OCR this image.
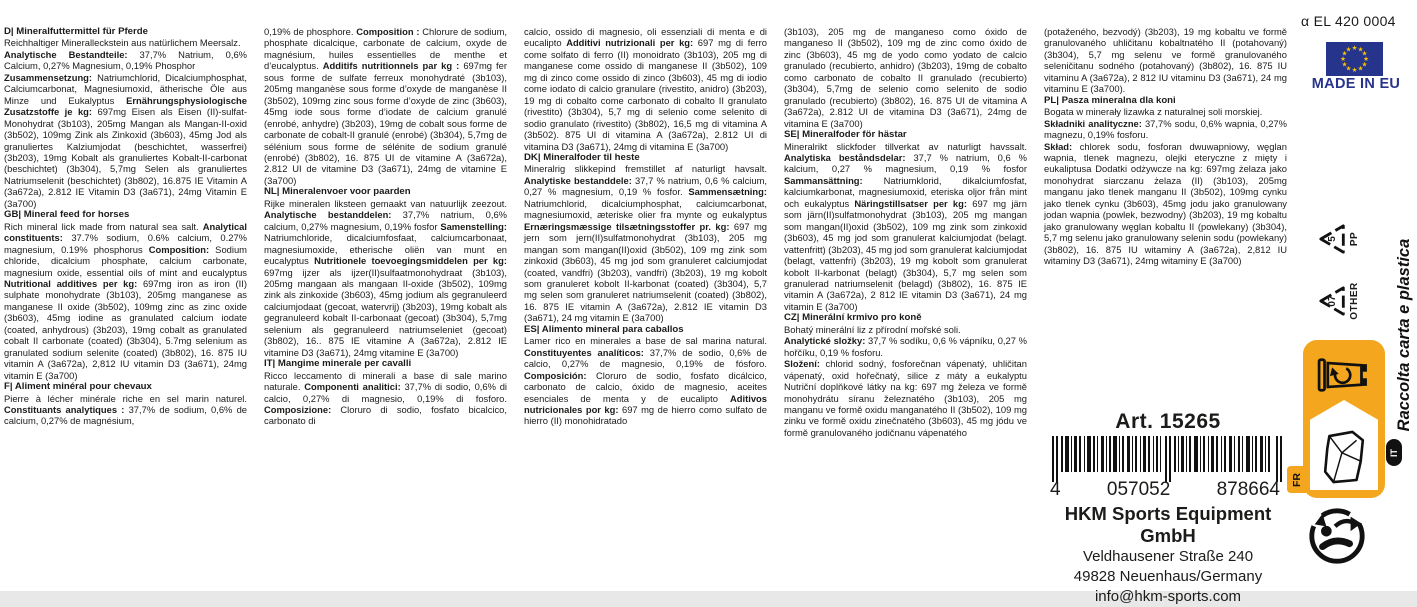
D| Mineralfuttermittel für Pferde

Reichhaltiger Mineralleckstein aus natürlichem Meersalz.

Analytische Bestandteile: 37,7% Natrium, 0,6% Calcium, 0,27% Magnesium, 0,19% Phosphor

Zusammensetzung: Natriumchlorid, Dicalciumphosphat, Calciumcarbonat, Magnesiumoxid, ätherische Öle aus Minze und Eukalyptus Ernährungsphysiologische Zusatzstoffe je kg: 697mg Eisen als Eisen (II)-sulfat-Monohydrat (3b103), 205mg Mangan als Mangan-II-oxid (3b502), 109mg Zink als Zinkoxid (3b603), 45mg Jod als granuliertes Kalziumjodat (beschichtet, wasserfrei) (3b203), 19mg Kobalt als granuliertes Kobalt-II-carbonat (beschichtet) (3b304), 5,7mg Selen als granuliertes Natriumselenit (beschichtet) (3b802), 16.875 IE Vitamin A (3a672a), 2.812 IE Vitamin D3 (3a671), 24mg Vitamin E (3a700)

GB| Mineral feed for horses

Rich mineral lick made from natural sea salt. Analytical constituents: 37.7% sodium, 0.6% calcium, 0.27% magnesium, 0.19% phosphorus Composition: Sodium chloride, dicalcium phosphate, calcium carbonate, magnesium oxide, essential oils of mint and eucalyptus Nutritional additives per kg: 697mg iron as iron (II) sulphate monohydrate (3b103), 205mg manganese as manganese II oxide (3b502), 109mg zinc as zinc oxide (3b603), 45mg iodine as granulated calcium iodate (coated, anhydrous) (3b203), 19mg cobalt as granulated cobalt II carbonate (coated) (3b304), 5.7mg selenium as granulated sodium selenite (coated) (3b802), 16. 875 IU vitamin A (3a672a), 2,812 IU vitamin D3 (3a671), 24mg vitamin E (3a700)

F| Aliment minéral pour chevaux

Pierre à lécher minérale riche en sel marin naturel. Constituants analytiques : 37,7% de sodium, 0,6% de calcium, 0,27% de magnésium,

0,19% de phosphore. Composition : Chlorure de sodium, phosphate dicalcique, carbonate de calcium, oxyde de magnésium, huiles essentielles de menthe et d’eucalyptus. Additifs nutritionnels par kg : 697mg fer sous forme de sulfate ferreux monohydraté (3b103), 205mg manganèse sous forme d’oxyde de manganèse II (3b502), 109mg zinc sous forme d’oxyde de zinc (3b603), 45mg iode sous forme d’iodate de calcium granulé (enrobé, anhydre) (3b203), 19mg de cobalt sous forme de carbonate de cobalt-II granulé (enrobé) (3b304), 5,7mg de sélénium sous forme de sélénite de sodium granulé (enrobé) (3b802), 16. 875 UI de vitamine A (3a672a), 2.812 UI de vitamine D3 (3a671), 24mg de vitamine E (3a700)

NL| Mineralenvoer voor paarden

Rijke mineralen liksteen gemaakt van natuurlijk zeezout. Analytische bestanddelen: 37,7% natrium, 0,6% calcium, 0,27% magnesium, 0,19% fosfor Samenstelling: Natriumchloride, dicalciumfosfaat, calciumcarbonaat, magnesiumoxide, etherische oliën van munt en eucalyptus Nutritionele toevoegingsmiddelen per kg: 697mg ijzer als ijzer(II)sulfaatmonohydraat (3b103), 205mg mangaan als mangaan II-oxide (3b502), 109mg zink als zinkoxide (3b603), 45mg jodium als gegranuleerd calciumjodaat (gecoat, watervrij) (3b203), 19mg kobalt als gegranuleerd kobalt II-carbonaat (gecoat) (3b304), 5,7mg selenium als gegranuleerd natriumseleniet (gecoat) (3b802), 16.. 875 IE vitamine A (3a672a), 2.812 IE vitamine D3 (3a671), 24mg vitamine E (3a700)

IT| Mangime minerale per cavalli

Ricco leccamento di minerali a base di sale marino naturale. Componenti analitici: 37,7% di sodio, 0,6% di calcio, 0,27% di magnesio, 0,19% di fosforo. Composizione: Cloruro di sodio, fosfato bicalcico, carbonato di

calcio, ossido di magnesio, oli essenziali di menta e di eucalipto Additivi nutrizionali per kg: 697 mg di ferro come solfato di ferro (II) monoidrato (3b103), 205 mg di manganese come ossido di manganese II (3b502), 109 mg di zinco come ossido di zinco (3b603), 45 mg di iodio come iodato di calcio granulare (rivestito, anidro) (3b203), 19 mg di cobalto come carbonato di cobalto II granulato (rivestito) (3b304), 5,7 mg di selenio come selenito di sodio granulato (rivestito) (3b802), 16,5 mg di vitamina A (3b502). 875 UI di vitamina A (3a672a), 2.812 UI di vitamina D3 (3a671), 24mg di vitamina E (3a700)

DK| Mineralfoder til heste

Mineralrig slikkepind fremstillet af naturligt havsalt. Analytiske bestanddele: 37,7 % natrium, 0,6 % calcium, 0,27 % magnesium, 0,19 % fosfor. Sammensætning: Natriumchlorid, dicalciumphosphat, calciumcarbonat, magnesiumoxid, æteriske olier fra mynte og eukalyptus Ernæringsmæssige tilsætningsstoffer pr. kg: 697 mg jern som jern(II)sulfatmonohydrat (3b103), 205 mg mangan som mangan(II)oxid (3b502), 109 mg zink som zinkoxid (3b603), 45 mg jod som granuleret calciumjodat (coated, vandfri) (3b203), vandfri) (3b203), 19 mg kobolt som granuleret kobolt II-karbonat (coated) (3b304), 5,7 mg selen som granuleret natriumselenit (coated) (3b802), 16. 875 IE vitamin A (3a672a), 2.812 IE vitamin D3 (3a671), 24 mg vitamin E (3a700)

ES| Alimento mineral para caballos

Lamer rico en minerales a base de sal marina natural. Constituyentes analíticos: 37,7% de sodio, 0,6% de calcio, 0,27% de magnesio, 0,19% de fósforo. Composición: Cloruro de sodio, fosfato dicálcico, carbonato de calcio, óxido de magnesio, aceites esenciales de menta y de eucalipto Aditivos nutricionales por kg: 697 mg de hierro como sulfato de hierro (II) monohidratado

(3b103), 205 mg de manganeso como óxido de manganeso II (3b502), 109 mg de zinc como óxido de zinc (3b603), 45 mg de yodo como yodato de calcio granulado (recubierto, anhidro) (3b203), 19mg de cobalto como carbonato de cobalto II granulado (recubierto) (3b304), 5,7mg de selenio como selenito de sodio granulado (recubierto) (3b802), 16. 875 UI de vitamina A (3a672a), 2.812 UI de vitamina D3 (3a671), 24mg de vitamina E (3a700)

SE| Mineralfoder för hästar

Mineralrikt slickfoder tillverkat av naturligt havssalt. Analytiska beståndsdelar: 37,7 % natrium, 0,6 % kalcium, 0,27 % magnesium, 0,19 % fosfor Sammansättning: Natriumklorid, dikalciumfosfat, kalciumkarbonat, magnesiumoxid, eteriska oljor från mint och eukalyptus Näringstillsatser per kg: 697 mg järn som järn(II)sulfatmonohydrat (3b103), 205 mg mangan som mangan(II)oxid (3b502), 109 mg zink som zinkoxid (3b603), 45 mg jod som granulerat kalciumjodat (belagt. vattenfritt) (3b203), 45 mg jod som granulerat kalciumjodat (belagt, vattenfri) (3b203), 19 mg kobolt som granulerat kobolt II-karbonat (belagt) (3b304), 5,7 mg selen som granulerad natriumselenit (belagd) (3b802), 16. 875 IE vitamin A (3a672a), 2 812 IE vitamin D3 (3a671), 24 mg vitamin E (3a700)

CZ| Minerální krmivo pro koně

Bohatý minerální liz z přírodní mořské soli.

Analytické složky: 37,7 % sodíku, 0,6 % vápníku, 0,27 % hořčíku, 0,19 % fosforu.

Složení: chlorid sodný, fosforečnan vápenatý, uhličitan vápenatý, oxid hořečnatý, silice z máty a eukalyptu Nutriční doplňkové látky na kg: 697 mg železa ve formě monohydrátu síranu železnatého (3b103), 205 mg manganu ve formě oxidu manganatého II (3b502), 109 mg zinku ve formě oxidu zinečnatého (3b603), 45 mg jódu ve formě granulovaného jodičnanu vápenatého

(potaženého, bezvodý) (3b203), 19 mg kobaltu ve formě granulovaného uhličitanu kobaltnatého II (potahovaný) (3b304), 5,7 mg selenu ve formě granulovaného seleničitanu sodného (potahovaný) (3b802), 16. 875 IU vitaminu A (3a672a), 2 812 IU vitaminu D3 (3a671), 24 mg vitaminu E (3a700).

PL| Pasza mineralna dla koni

Bogata w minerały lizawka z naturalnej soli morskiej.

Składniki analityczne: 37,7% sodu, 0,6% wapnia, 0,27% magnezu, 0,19% fosforu.

Skład: chlorek sodu, fosforan dwuwapniowy, węglan wapnia, tlenek magnezu, olejki eteryczne z mięty i eukaliptusa Dodatki odżywcze na kg: 697mg żelaza jako monohydrat siarczanu żelaza (II) (3b103), 205mg manganu jako tlenek manganu II (3b502), 109mg cynku jako tlenek cynku (3b603), 45mg jodu jako granulowany jodan wapnia (powlek, bezwodny) (3b203), 19 mg kobaltu jako granulowany węglan kobaltu II (powlekany) (3b304), 5,7 mg selenu jako granulowany selenin sodu (powlekany) (3b802), 16. 875 IU witaminy A (3a672a), 2,812 IU witaminy D3 (3a671), 24mg witaminy E (3a700)

Art. 15265
4 057052 878664
HKM Sports Equipment GmbH
Veldhausener Straße 240
49828 Neuenhaus/Germany
info@hkm-sports.com
α EL 420 0004
★
★
★
★
★
★
★
★
★ ★ ★
★
MADE IN EU
07 OTHER
5 PP
FR
IT
Raccolta carta e plastica
